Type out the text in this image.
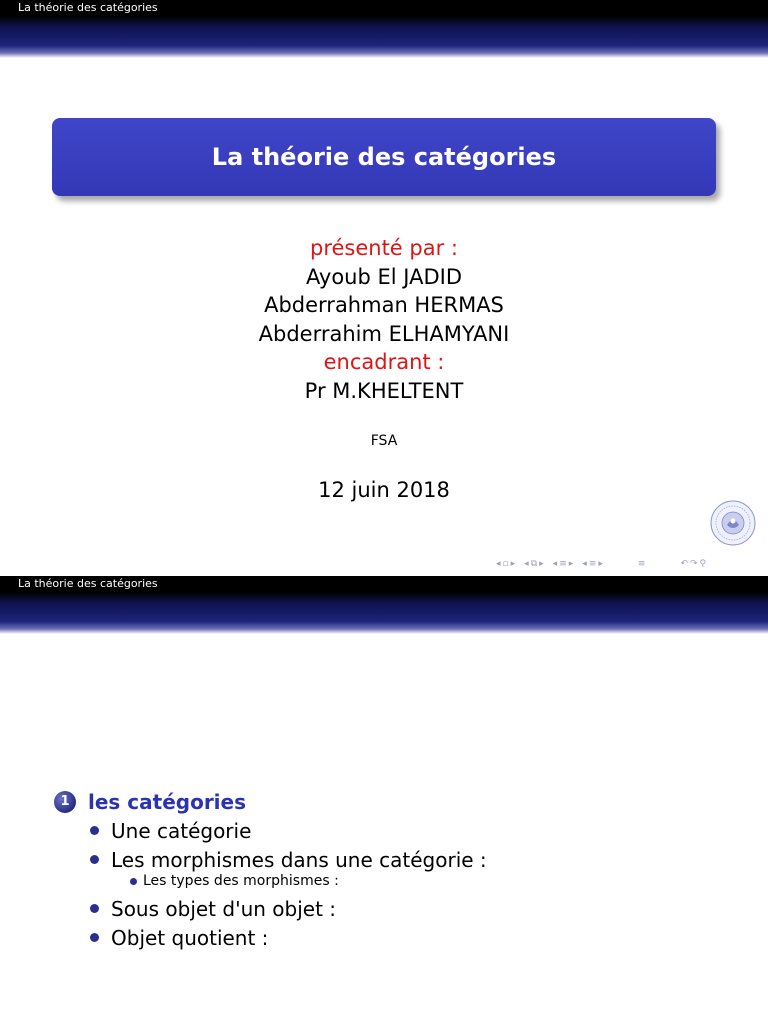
La théorie des catégories
La théorie des catégories
présenté par :
Ayoub El JADID
Abderrahman HERMAS
Abderrahim ELHAMYANI
encadrant :
Pr M.KHELTENT
FSA
12 juin 2018
◂ ▫ ▸ ◂ ⧉ ▸ ◂ ≡ ▸ ◂ ≡ ▸	≡	↶ ↷ ⚲
La théorie des catégories
1 les catégories
Une catégorie
Les morphismes dans une catégorie :
Les types des morphismes :
Sous objet d'un objet :
Objet quotient :
